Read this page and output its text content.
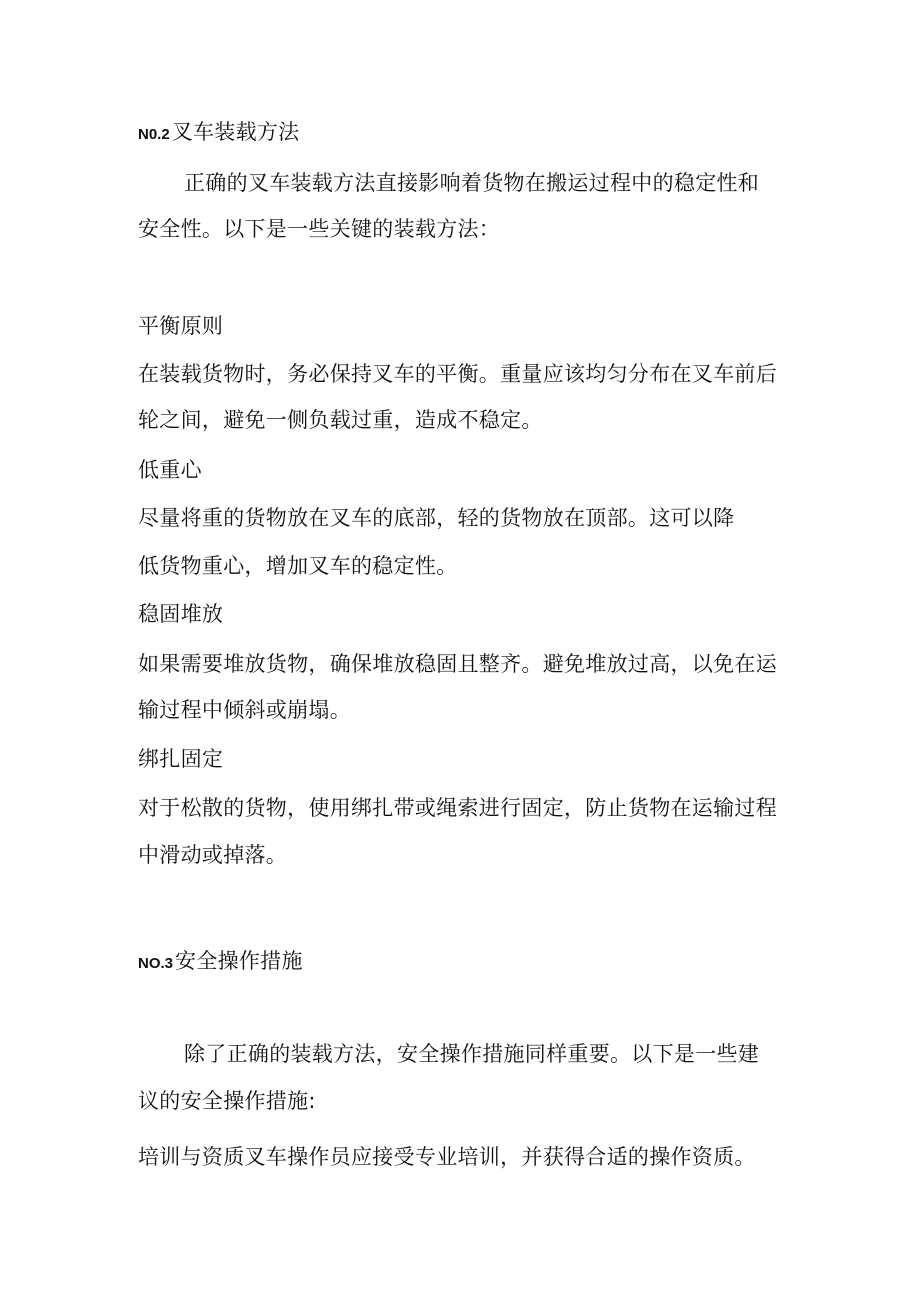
N0.2叉车装载方法
正确的叉车装载方法直接影响着货物在搬运过程中的稳定性和
安全性。以下是一些关键的装载方法：
平衡原则
在装载货物时，务必保持叉车的平衡。重量应该均匀分布在叉车前后
轮之间，避免一侧负载过重，造成不稳定。
低重心
尽量将重的货物放在叉车的底部，轻的货物放在顶部。这可以降
低货物重心，增加叉车的稳定性。
稳固堆放
如果需要堆放货物，确保堆放稳固且整齐。避免堆放过高，以免在运
输过程中倾斜或崩塌。
绑扎固定
对于松散的货物，使用绑扎带或绳索进行固定，防止货物在运输过程
中滑动或掉落。
NO.3安全操作措施
除了正确的装载方法，安全操作措施同样重要。以下是一些建
议的安全操作措施:
培训与资质叉车操作员应接受专业培训，并获得合适的操作资质。
